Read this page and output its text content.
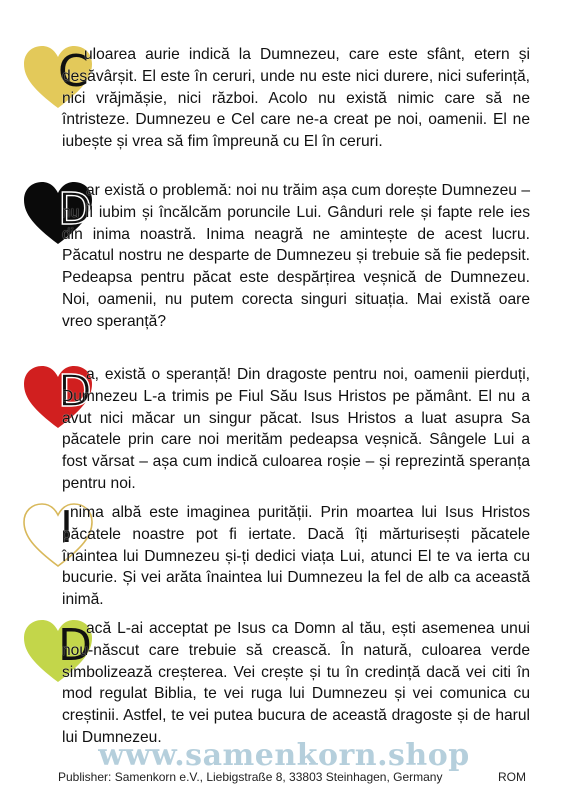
C
uloarea aurie indică la Dumnezeu, care este sfânt, etern și desăvârșit. El este în ceruri, unde nu este nici durere, nici suferință, nici vrăjmășie, nici război. Acolo nu există nimic care să ne întristeze. Dumnezeu e Cel care ne-a creat pe noi, oamenii. El ne iubește și vrea să fim împreună cu El în ceruri.
D
ar există o problemă: noi nu trăim așa cum dorește Dumnezeu – nu Îl iubim și încălcăm poruncile Lui. Gânduri rele și fapte rele ies din inima noastră. Inima neagră ne amintește de acest lucru. Păcatul nostru ne desparte de Dumnezeu și trebuie să fie pedepsit. Pedeapsa pentru păcat este despărțirea veșnică de Dumnezeu. Noi, oamenii, nu putem corecta singuri situația. Mai există oare vreo speranță?
D
a, există o speranță! Din dragoste pentru noi, oamenii pierduți, Dumnezeu L-a trimis pe Fiul Său Isus Hristos pe pământ. El nu a avut nici măcar un singur păcat. Isus Hristos a luat asupra Sa păcatele prin care noi merităm pedeapsa veșnică. Sângele Lui a fost vărsat – așa cum indică culoarea roșie – și reprezintă speranța pentru noi.
I
nima albă este imaginea purității. Prin moartea lui Isus Hristos păcatele noastre pot fi iertate. Dacă îți mărturisești păcatele înaintea lui Dumnezeu și-ți dedici viața Lui, atunci El te va ierta cu bucurie. Și vei arăta înaintea lui Dumnezeu la fel de alb ca această inimă.
D
acă L-ai acceptat pe Isus ca Domn al tău, ești asemenea unui nou-născut care trebuie să crească. În natură, culoarea verde simbolizează creșterea. Vei crește și tu în credință dacă vei citi în mod regulat Biblia, te vei ruga lui Dumnezeu și vei comunica cu creștinii. Astfel, te vei putea bucura de această dragoste și de harul lui Dumnezeu.
www.samenkorn.shop
Publisher: Samenkorn e.V., Liebigstraße 8, 33803 Steinhagen, Germany	ROM
